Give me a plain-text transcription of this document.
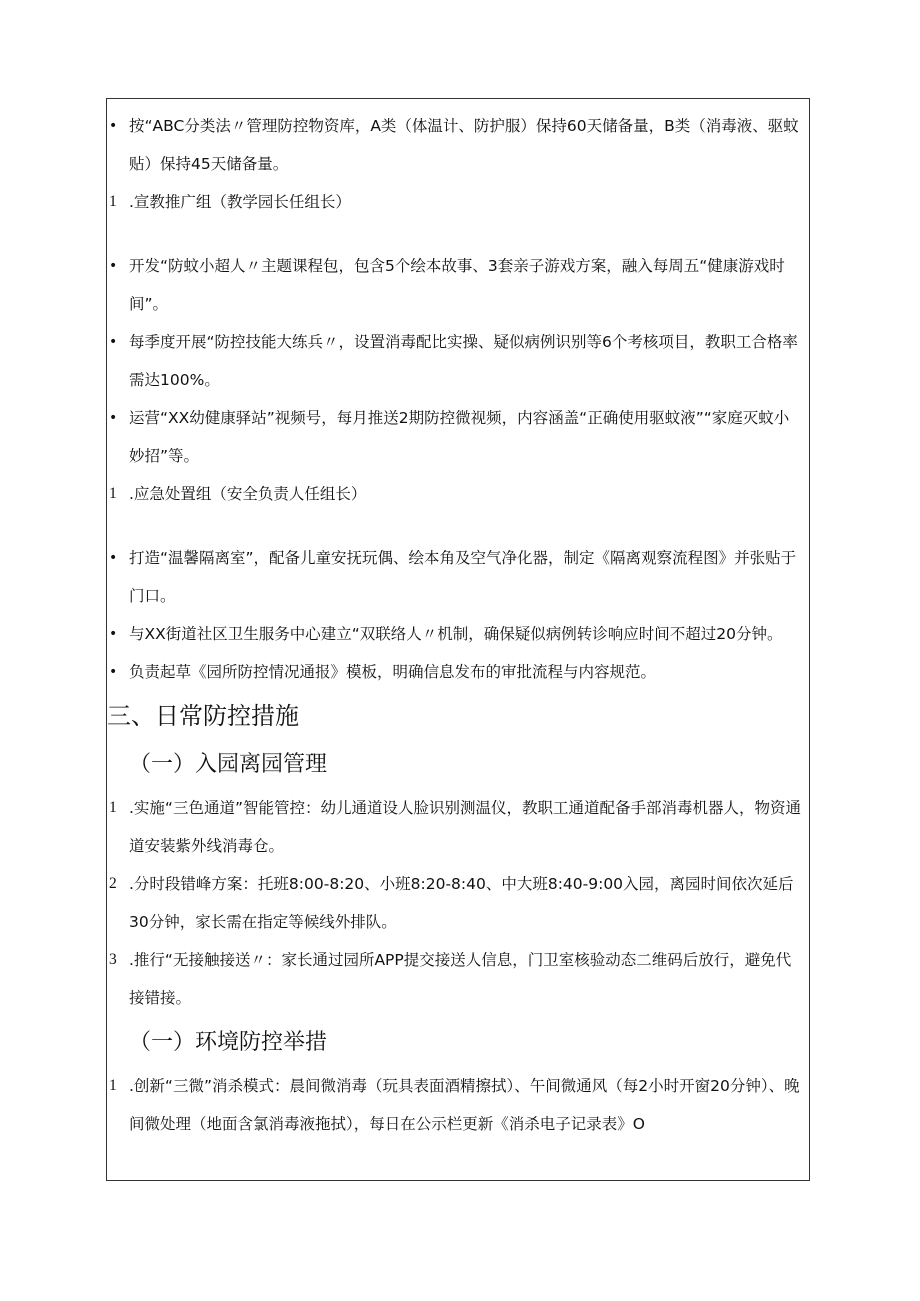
• 按“ABC分类法〃管理防控物资库，A类（体温计、防护服）保持60天储备量，B类（消毒液、驱蚊贴）保持45天储备量。
1 .宣教推广组（教学园长任组长）
• 开发“防蚊小超人〃主题课程包，包含5个绘本故事、3套亲子游戏方案，融入每周五“健康游戏时间”。
• 每季度开展“防控技能大练兵〃，设置消毒配比实操、疑似病例识别等6个考核项目，教职工合格率需达100%。
• 运营“XX幼健康驿站”视频号，每月推送2期防控微视频，内容涵盖“正确使用驱蚊液”“家庭灭蚊小妙招”等。
1 .应急处置组（安全负责人任组长）
• 打造“温馨隔离室”，配备儿童安抚玩偶、绘本角及空气净化器，制定《隔离观察流程图》并张贴于门口。
• 与XX街道社区卫生服务中心建立“双联络人〃机制，确保疑似病例转诊响应时间不超过20分钟。
• 负责起草《园所防控情况通报》模板，明确信息发布的审批流程与内容规范。
三、日常防控措施
（一）入园离园管理
1 .实施“三色通道”智能管控：幼儿通道设人脸识别测温仪，教职工通道配备手部消毒机器人，物资通道安装紫外线消毒仓。
2 .分时段错峰方案：托班8:00-8:20、小班8:20-8:40、中大班8:40-9:00入园，离园时间依次延后30分钟，家长需在指定等候线外排队。
3 .推行“无接触接送〃：家长通过园所APP提交接送人信息，门卫室核验动态二维码后放行，避免代接错接。
（一）环境防控举措
1 .创新“三微”消杀模式：晨间微消毒（玩具表面酒精擦拭）、午间微通风（每2小时开窗20分钟）、晚间微处理（地面含氯消毒液拖拭），每日在公示栏更新《消杀电子记录表》O
